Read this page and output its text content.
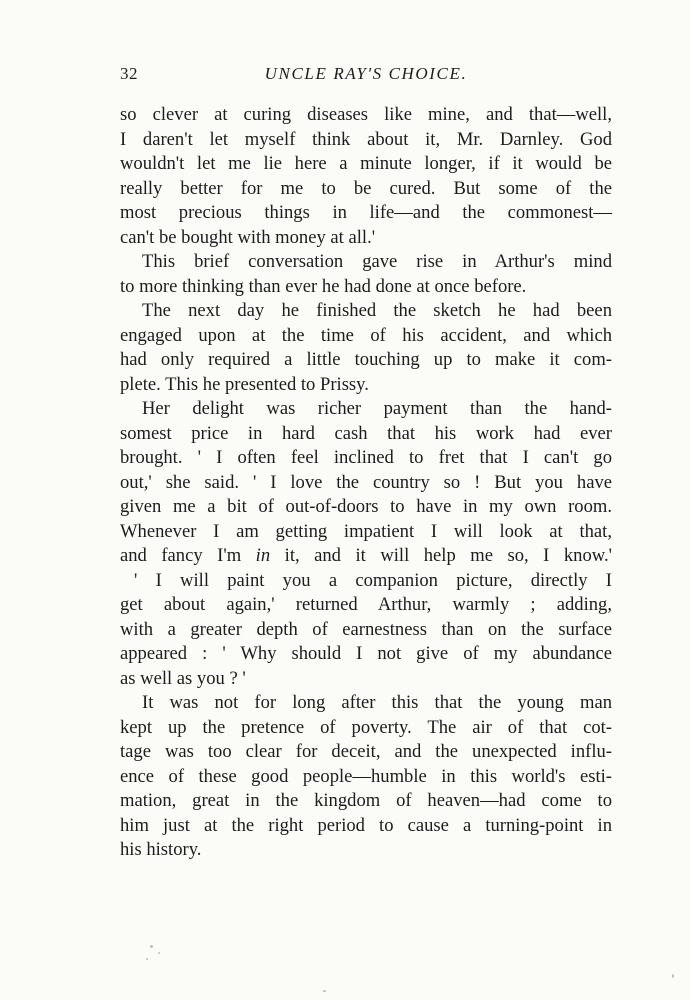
32	UNCLE RAY'S CHOICE.
so clever at curing diseases like mine, and that—well,
I daren't let myself think about it, Mr. Darnley. God
wouldn't let me lie here a minute longer, if it would be
really better for me to be cured. But some of the
most precious things in life—and the commonest—
can't be bought with money at all.'
This brief conversation gave rise in Arthur's mind
to more thinking than ever he had done at once before.
The next day he finished the sketch he had been
engaged upon at the time of his accident, and which
had only required a little touching up to make it com-
plete. This he presented to Prissy.
Her delight was richer payment than the hand-
somest price in hard cash that his work had ever
brought. ' I often feel inclined to fret that I can't go
out,' she said. ' I love the country so ! But you have
given me a bit of out-of-doors to have in my own room.
Whenever I am getting impatient I will look at that,
and fancy I'm in it, and it will help me so, I know.'
' I will paint you a companion picture, directly I
get about again,' returned Arthur, warmly ; adding,
with a greater depth of earnestness than on the surface
appeared : ' Why should I not give of my abundance
as well as you ? '
It was not for long after this that the young man
kept up the pretence of poverty. The air of that cot-
tage was too clear for deceit, and the unexpected influ-
ence of these good people—humble in this world's esti-
mation, great in the kingdom of heaven—had come to
him just at the right period to cause a turning-point in
his history.
